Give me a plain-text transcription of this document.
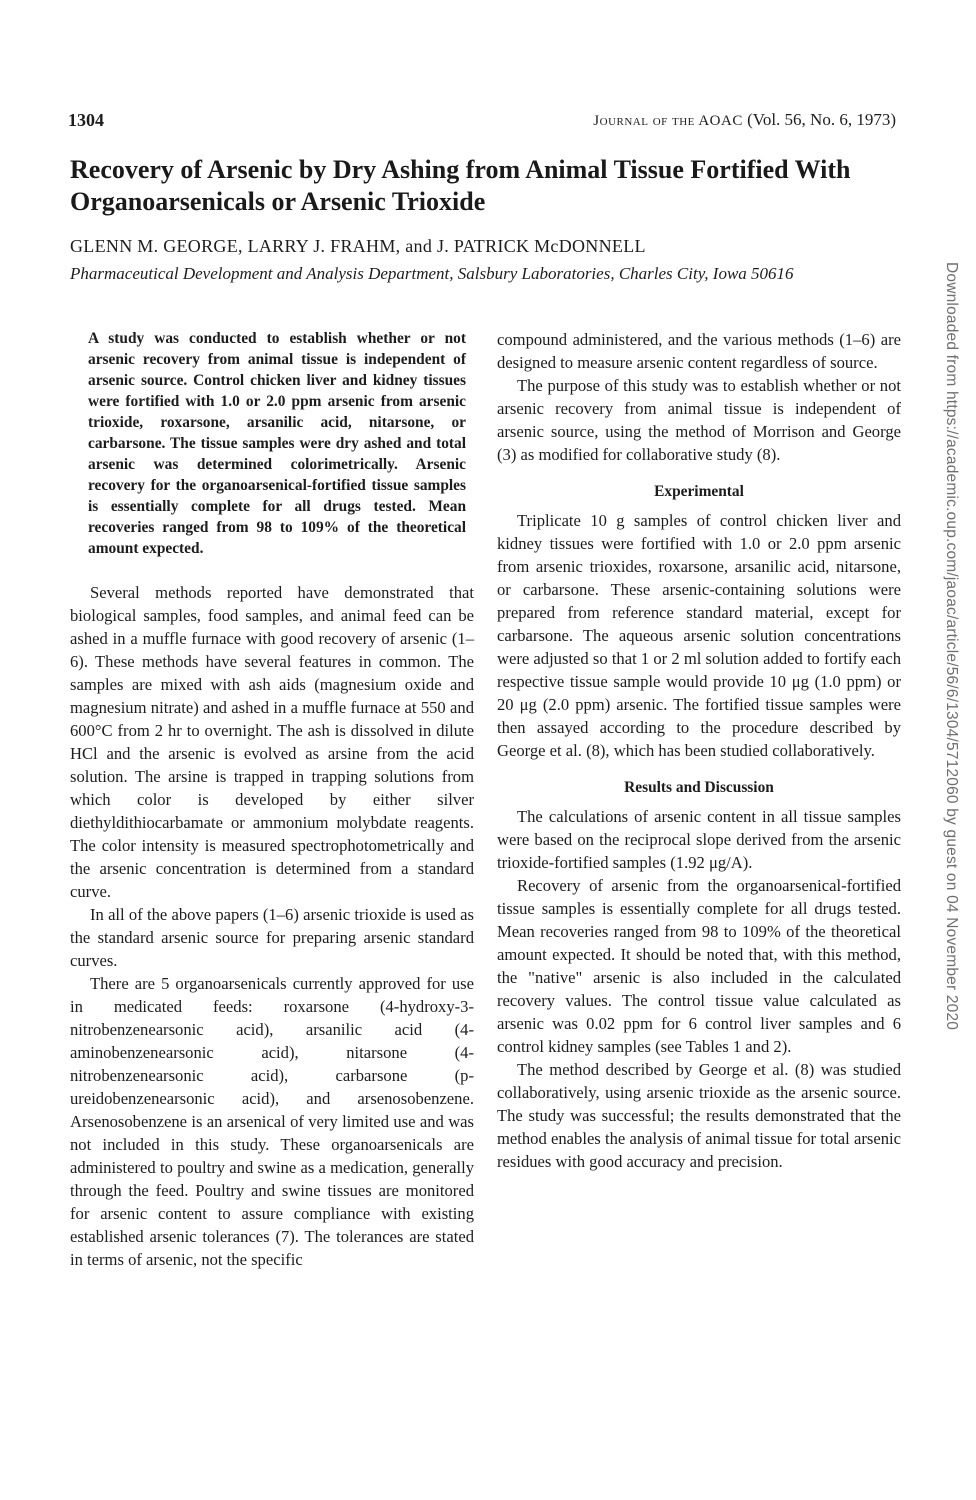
1304	Journal of the AOAC (Vol. 56, No. 6, 1973)
Recovery of Arsenic by Dry Ashing from Animal Tissue Fortified With Organoarsenicals or Arsenic Trioxide
GLENN M. GEORGE, LARRY J. FRAHM, and J. PATRICK McDONNELL
Pharmaceutical Development and Analysis Department, Salsbury Laboratories, Charles City, Iowa 50616

A study was conducted to establish whether or not arsenic recovery from animal tissue is independent of arsenic source. Control chicken liver and kidney tissues were fortified with 1.0 or 2.0 ppm arsenic from arsenic trioxide, roxarsone, arsanilic acid, nitarsone, or carbarsone. The tissue samples were dry ashed and total arsenic was determined colorimetrically. Arsenic recovery for the organoarsenical-fortified tissue samples is essentially complete for all drugs tested. Mean recoveries ranged from 98 to 109% of the theoretical amount expected.

Several methods reported have demonstrated that biological samples, food samples, and animal feed can be ashed in a muffle furnace with good recovery of arsenic (1–6). These methods have several features in common. The samples are mixed with ash aids (magnesium oxide and magnesium nitrate) and ashed in a muffle furnace at 550 and 600°C from 2 hr to overnight. The ash is dissolved in dilute HCl and the arsenic is evolved as arsine from the acid solution. The arsine is trapped in trapping solutions from which color is developed by either silver diethyldithiocarbamate or ammonium molybdate reagents. The color intensity is measured spectrophotometrically and the arsenic concentration is determined from a standard curve.

In all of the above papers (1–6) arsenic trioxide is used as the standard arsenic source for preparing arsenic standard curves.

There are 5 organoarsenicals currently approved for use in medicated feeds: roxarsone (4-hydroxy-3-nitrobenzenearsonic acid), arsanilic acid (4-aminobenzenearsonic acid), nitarsone (4-nitrobenzenearsonic acid), carbarsone (p-ureidobenzenearsonic acid), and arsenosobenzene. Arsenosobenzene is an arsenical of very limited use and was not included in this study. These organoarsenicals are administered to poultry and swine as a medication, generally through the feed. Poultry and swine tissues are monitored for arsenic content to assure compliance with existing established arsenic tolerances (7). The tolerances are stated in terms of arsenic, not the specific

compound administered, and the various methods (1–6) are designed to measure arsenic content regardless of source.

The purpose of this study was to establish whether or not arsenic recovery from animal tissue is independent of arsenic source, using the method of Morrison and George (3) as modified for collaborative study (8).

Experimental

Triplicate 10 g samples of control chicken liver and kidney tissues were fortified with 1.0 or 2.0 ppm arsenic from arsenic trioxides, roxarsone, arsanilic acid, nitarsone, or carbarsone. These arsenic-containing solutions were prepared from reference standard material, except for carbarsone. The aqueous arsenic solution concentrations were adjusted so that 1 or 2 ml solution added to fortify each respective tissue sample would provide 10 μg (1.0 ppm) or 20 μg (2.0 ppm) arsenic. The fortified tissue samples were then assayed according to the procedure described by George et al. (8), which has been studied collaboratively.

Results and Discussion

The calculations of arsenic content in all tissue samples were based on the reciprocal slope derived from the arsenic trioxide-fortified samples (1.92 μg/A).

Recovery of arsenic from the organoarsenical-fortified tissue samples is essentially complete for all drugs tested. Mean recoveries ranged from 98 to 109% of the theoretical amount expected. It should be noted that, with this method, the "native" arsenic is also included in the calculated recovery values. The control tissue value calculated as arsenic was 0.02 ppm for 6 control liver samples and 6 control kidney samples (see Tables 1 and 2).

The method described by George et al. (8) was studied collaboratively, using arsenic trioxide as the arsenic source. The study was successful; the results demonstrated that the method enables the analysis of animal tissue for total arsenic residues with good accuracy and precision.

Downloaded from https://academic.oup.com/jaoac/article/56/6/1304/5712060 by guest on 04 November 2020
